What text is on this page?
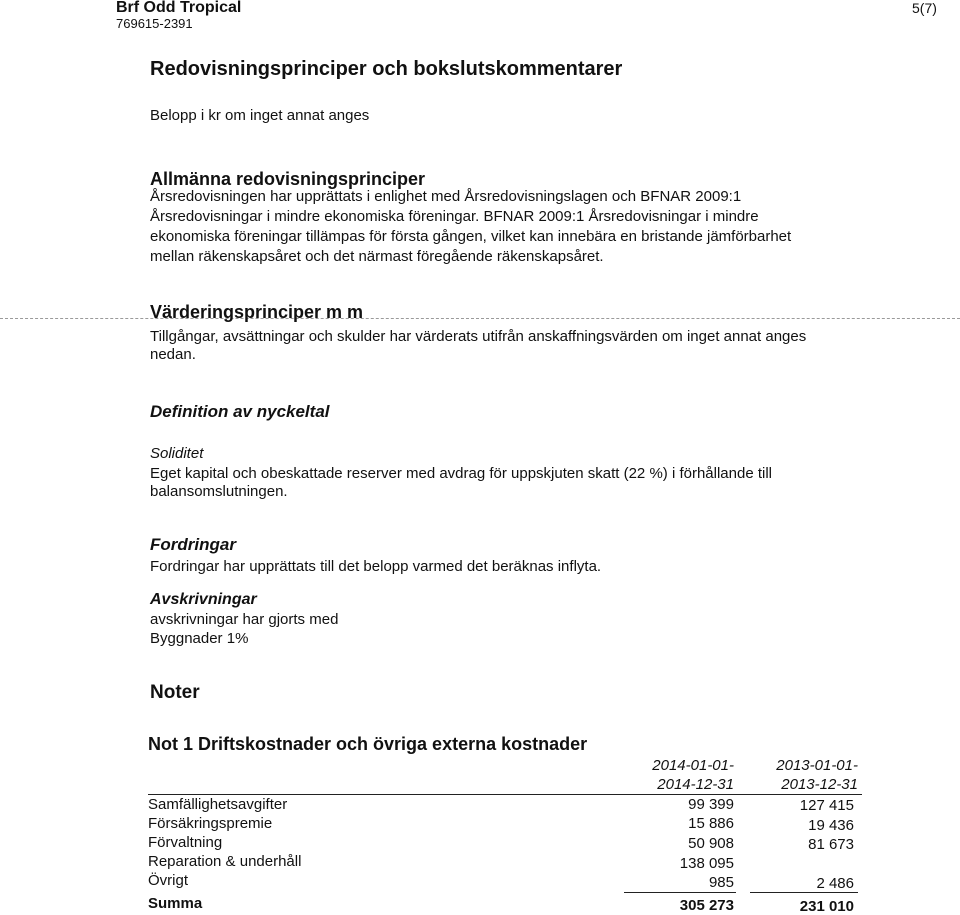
Brf Odd Tropical
769615-2391
5(7)
Redovisningsprinciper och bokslutskommentarer
Belopp i kr om inget annat anges
Allmänna redovisningsprinciper
Årsredovisningen har upprättats i enlighet med Årsredovisningslagen och BFNAR 2009:1
Årsredovisningar i mindre ekonomiska föreningar. BFNAR 2009:1 Årsredovisningar i mindre
ekonomiska föreningar tillämpas för första gången, vilket kan innebära en bristande jämförbarhet
mellan räkenskapsåret och det närmast föregående räkenskapsåret.
Värderingsprinciper m m
Tillgångar, avsättningar och skulder har värderats utifrån anskaffningsvärden om inget annat anges
nedan.
Definition av nyckeltal
Soliditet
Eget kapital och obeskattade reserver med avdrag för uppskjuten skatt (22 %) i förhållande till
balansomslutningen.
Fordringar
Fordringar har upprättats till det belopp varmed det beräknas inflyta.
Avskrivningar
avskrivningar har gjorts med
Byggnader 1%
Noter
Not 1 Driftskostnader och övriga externa kostnader
2014-01-01-
2014-12-31
2013-01-01-
2013-12-31
Samfällighetsavgifter	99 399	127 415
Försäkringspremie	15 886	19 436
Förvaltning	50 908	81 673
Reparation & underhåll	138 095
Övrigt	985	2 486
Summa	305 273	231 010
